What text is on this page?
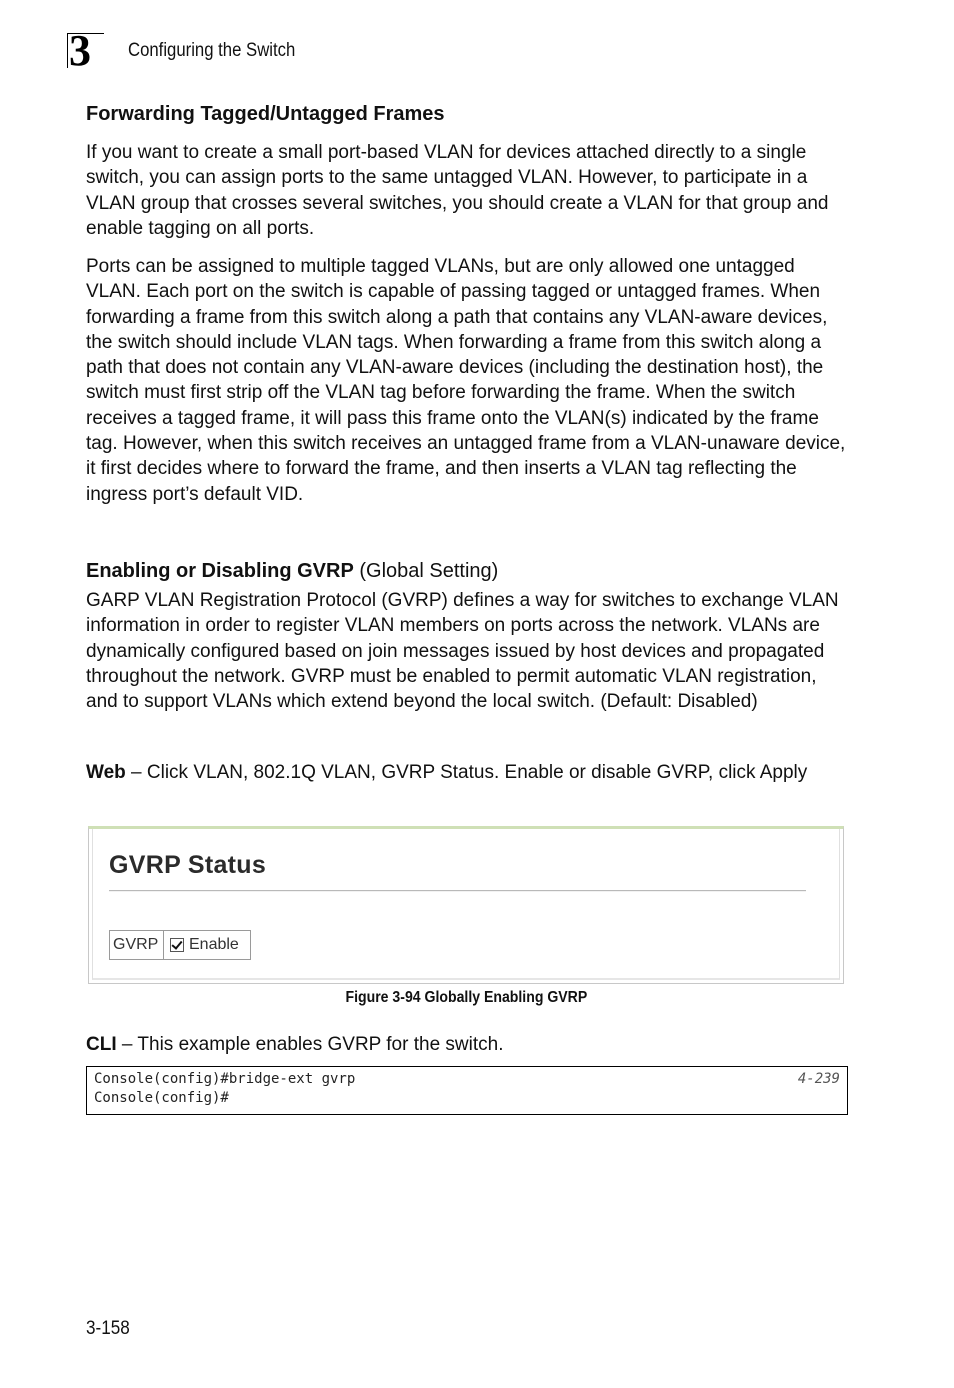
3 Configuring the Switch
Forwarding Tagged/Untagged Frames

If you want to create a small port-based VLAN for devices attached directly to a single switch, you can assign ports to the same untagged VLAN. However, to participate in a VLAN group that crosses several switches, you should create a VLAN for that group and enable tagging on all ports.

Ports can be assigned to multiple tagged VLANs, but are only allowed one untagged VLAN. Each port on the switch is capable of passing tagged or untagged frames. When forwarding a frame from this switch along a path that contains any VLAN-aware devices, the switch should include VLAN tags. When forwarding a frame from this switch along a path that does not contain any VLAN-aware devices (including the destination host), the switch must first strip off the VLAN tag before forwarding the frame. When the switch receives a tagged frame, it will pass this frame onto the VLAN(s) indicated by the frame tag. However, when this switch receives an untagged frame from a VLAN-unaware device, it first decides where to forward the frame, and then inserts a VLAN tag reflecting the ingress port’s default VID.

Enabling or Disabling GVRP (Global Setting)

GARP VLAN Registration Protocol (GVRP) defines a way for switches to exchange VLAN information in order to register VLAN members on ports across the network. VLANs are dynamically configured based on join messages issued by host devices and propagated throughout the network. GVRP must be enabled to permit automatic VLAN registration, and to support VLANs which extend beyond the local switch. (Default: Disabled)

Web – Click VLAN, 802.1Q VLAN, GVRP Status. Enable or disable GVRP, click Apply

GVRP Status
GVRP	Enable
Figure 3-94 Globally Enabling GVRP

CLI – This example enables GVRP for the switch.

Console(config)#bridge-ext gvrp	4-239
Console(config)#
3-158
